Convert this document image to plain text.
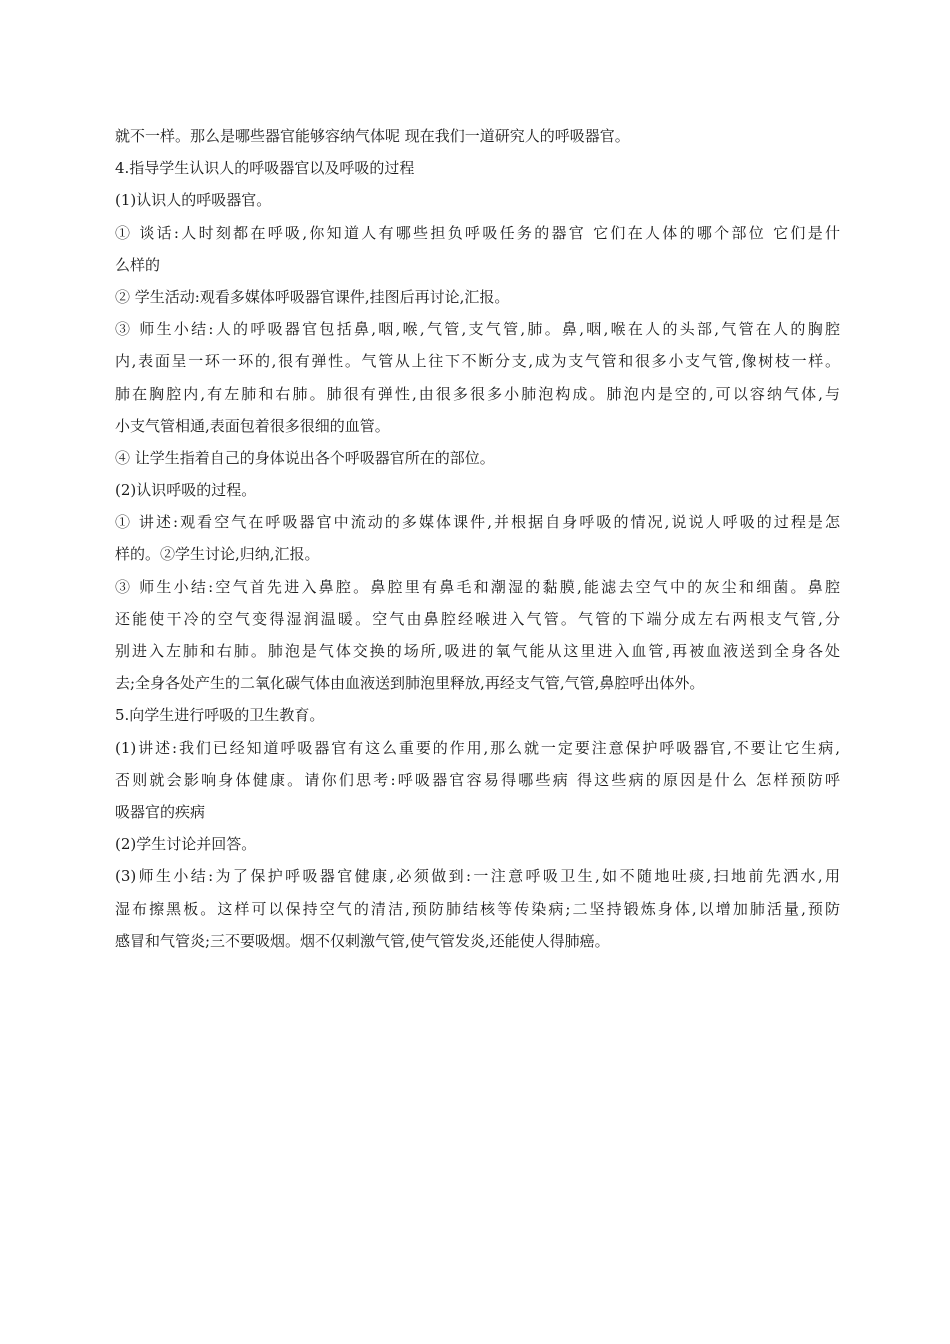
就不一样。那么是哪些器官能够容纳气体呢 现在我们一道研究人的呼吸器官。
4.指导学生认识人的呼吸器官以及呼吸的过程
(1)认识人的呼吸器官。
① 谈话:人时刻都在呼吸,你知道人有哪些担负呼吸任务的器官 它们在人体的哪个部位 它们是什
么样的
② 学生活动:观看多媒体呼吸器官课件,挂图后再讨论,汇报。
③ 师生小结:人的呼吸器官包括鼻,咽,喉,气管,支气管,肺。鼻,咽,喉在人的头部,气管在人的胸腔
内,表面呈一环一环的,很有弹性。气管从上往下不断分支,成为支气管和很多小支气管,像树枝一样。
肺在胸腔内,有左肺和右肺。肺很有弹性,由很多很多小肺泡构成。肺泡内是空的,可以容纳气体,与
小支气管相通,表面包着很多很细的血管。
④ 让学生指着自己的身体说出各个呼吸器官所在的部位。
(2)认识呼吸的过程。
① 讲述:观看空气在呼吸器官中流动的多媒体课件,并根据自身呼吸的情况,说说人呼吸的过程是怎
样的。②学生讨论,归纳,汇报。
③ 师生小结:空气首先进入鼻腔。鼻腔里有鼻毛和潮湿的黏膜,能滤去空气中的灰尘和细菌。鼻腔
还能使干冷的空气变得湿润温暖。空气由鼻腔经喉进入气管。气管的下端分成左右两根支气管,分
别进入左肺和右肺。肺泡是气体交换的场所,吸进的氧气能从这里进入血管,再被血液送到全身各处
去;全身各处产生的二氧化碳气体由血液送到肺泡里释放,再经支气管,气管,鼻腔呼出体外。
5.向学生进行呼吸的卫生教育。
(1)讲述:我们已经知道呼吸器官有这么重要的作用,那么就一定要注意保护呼吸器官,不要让它生病,
否则就会影响身体健康。请你们思考:呼吸器官容易得哪些病 得这些病的原因是什么 怎样预防呼
吸器官的疾病
(2)学生讨论并回答。
(3)师生小结:为了保护呼吸器官健康,必须做到:一注意呼吸卫生,如不随地吐痰,扫地前先洒水,用
湿布擦黑板。这样可以保持空气的清洁,预防肺结核等传染病;二坚持锻炼身体,以增加肺活量,预防
感冒和气管炎;三不要吸烟。烟不仅刺激气管,使气管发炎,还能使人得肺癌。
